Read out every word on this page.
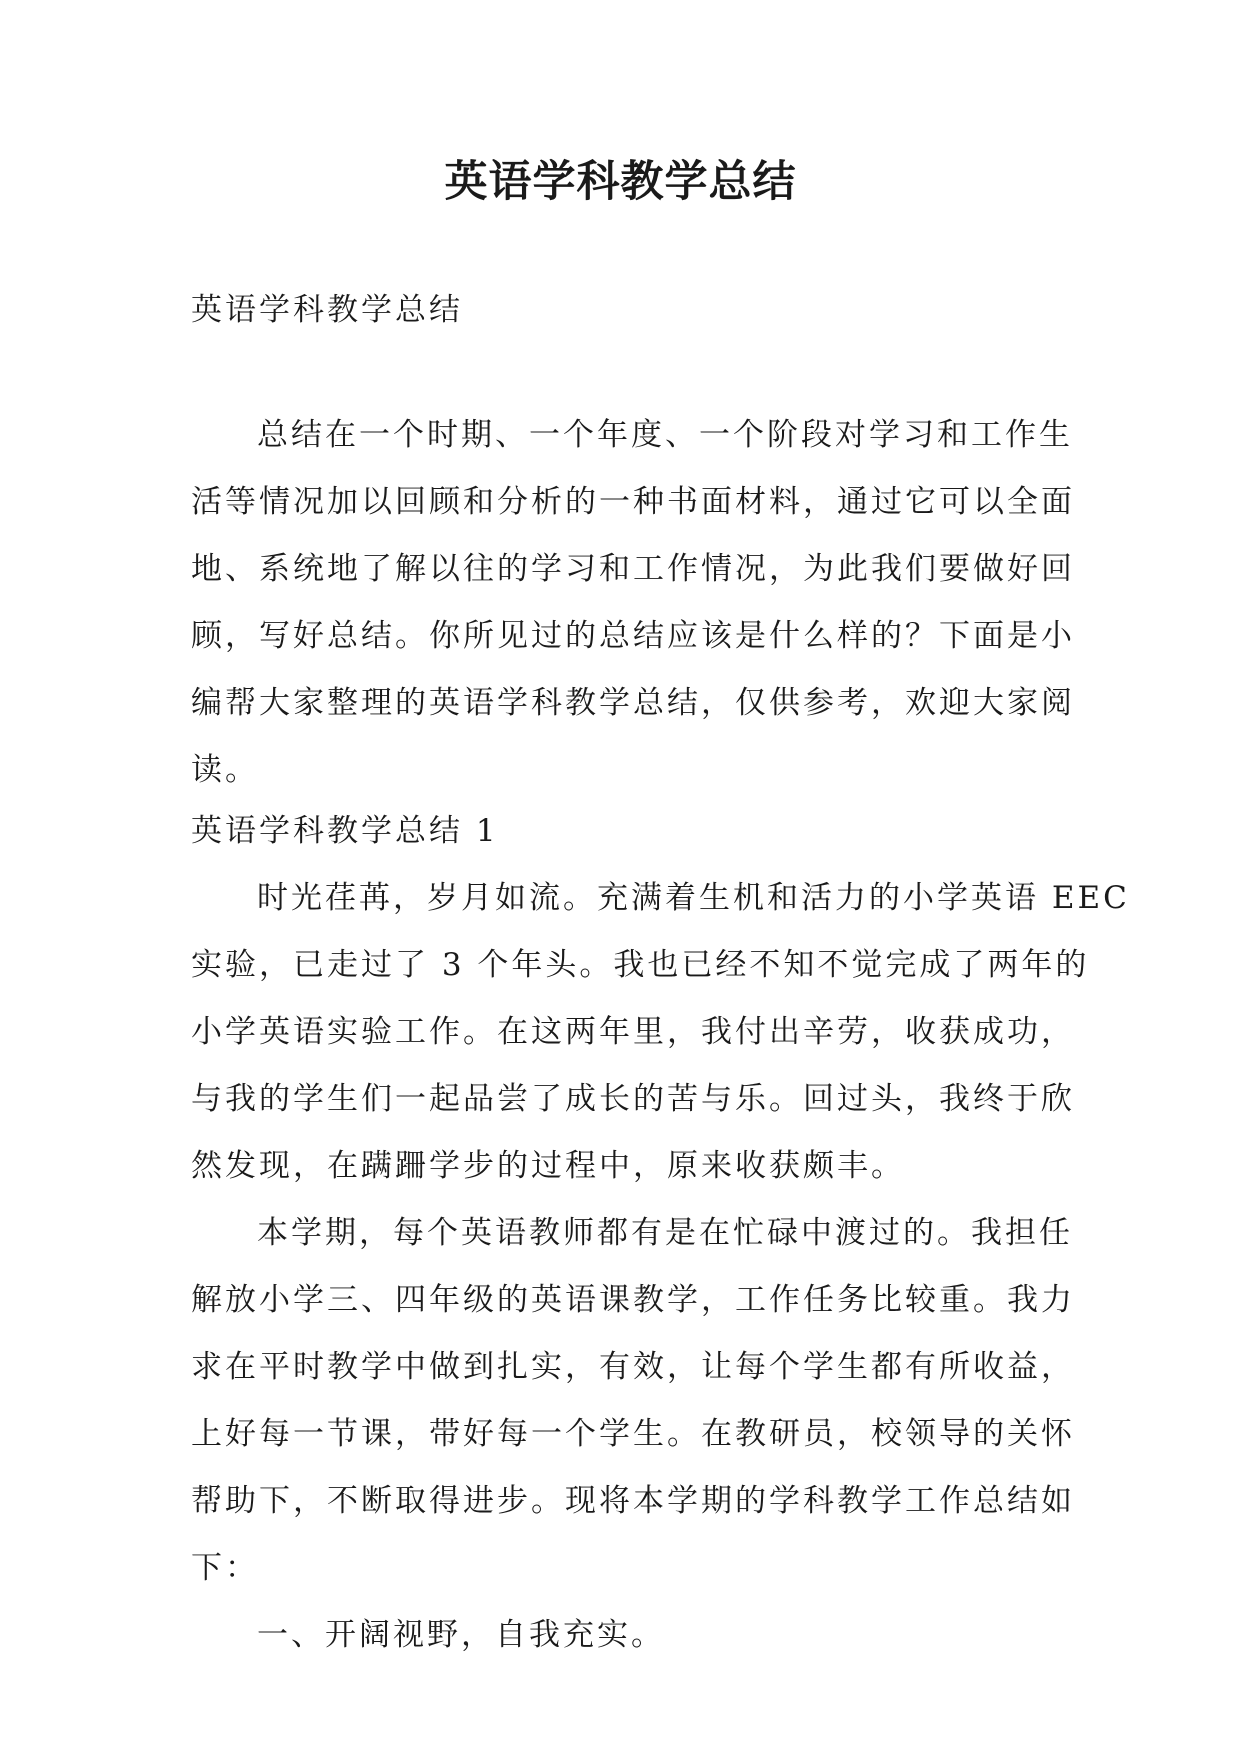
英语学科教学总结
英语学科教学总结
总结在一个时期、一个年度、一个阶段对学习和工作生
活等情况加以回顾和分析的一种书面材料，通过它可以全面
地、系统地了解以往的学习和工作情况，为此我们要做好回
顾，写好总结。你所见过的总结应该是什么样的？下面是小
编帮大家整理的英语学科教学总结，仅供参考，欢迎大家阅
读。
英语学科教学总结 1
时光荏苒，岁月如流。充满着生机和活力的小学英语 EEC
实验，已走过了 3 个年头。我也已经不知不觉完成了两年的
小学英语实验工作。在这两年里，我付出辛劳，收获成功，
与我的学生们一起品尝了成长的苦与乐。回过头，我终于欣
然发现，在蹒跚学步的过程中，原来收获颇丰。
本学期，每个英语教师都有是在忙碌中渡过的。我担任
解放小学三、四年级的英语课教学，工作任务比较重。我力
求在平时教学中做到扎实，有效，让每个学生都有所收益，
上好每一节课，带好每一个学生。在教研员，校领导的关怀
帮助下，不断取得进步。现将本学期的学科教学工作总结如
下：
一、开阔视野，自我充实。
